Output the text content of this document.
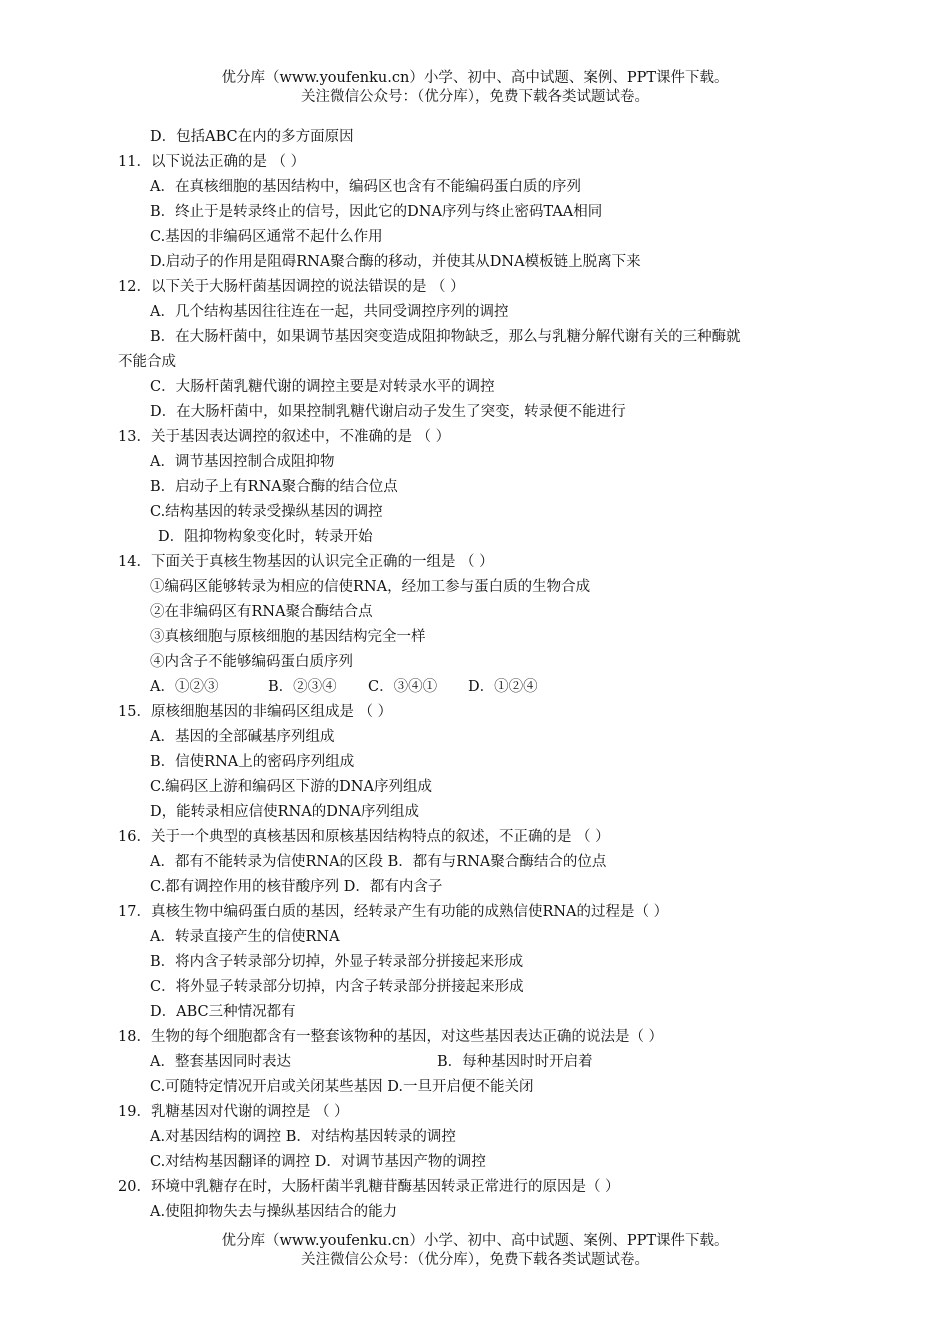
优分库（www.youfenku.cn）小学、初中、高中试题、案例、PPT课件下载。
关注微信公众号：（优分库），免费下载各类试题试卷。
D．包括ABC在内的多方面原因
11．以下说法正确的是 （ ）
A．在真核细胞的基因结构中，编码区也含有不能编码蛋白质的序列
B．终止于是转录终止的信号，因此它的DNA序列与终止密码TAA相同
C.基因的非编码区通常不起什么作用
D.启动子的作用是阻碍RNA聚合酶的移动，并使其从DNA模板链上脱离下来
12．以下关于大肠杆菌基因调控的说法错误的是 （ ）
A．几个结构基因往往连在一起，共同受调控序列的调控
B．在大肠杆菌中，如果调节基因突变造成阻抑物缺乏，那么与乳糖分解代谢有关的三种酶就
不能合成
C．大肠杆菌乳糖代谢的调控主要是对转录水平的调控
D．在大肠杆菌中，如果控制乳糖代谢启动子发生了突变，转录便不能进行
13．关于基因表达调控的叙述中，不准确的是 （ ）
A．调节基因控制合成阻抑物
B．启动子上有RNA聚合酶的结合位点
C.结构基因的转录受操纵基因的调控
D．阻抑物构象变化时，转录开始
14．下面关于真核生物基因的认识完全正确的一组是 （ ）
①编码区能够转录为相应的信使RNA，经加工参与蛋白质的生物合成
②在非编码区有RNA聚合酶结合点
③真核细胞与原核细胞的基因结构完全一样
④内含子不能够编码蛋白质序列
A．①②③	B．②③④ C．③④① D．①②④
15．原核细胞基因的非编码区组成是 （ ）
A．基因的全部碱基序列组成
B．信使RNA上的密码序列组成
C.编码区上游和编码区下游的DNA序列组成
D，能转录相应信使RNA的DNA序列组成
16．关于一个典型的真核基因和原核基因结构特点的叙述，不正确的是 （ ）
A．都有不能转录为信使RNA的区段 B．都有与RNA聚合酶结合的位点
C.都有调控作用的核苷酸序列 D．都有内含子
17．真核生物中编码蛋白质的基因，经转录产生有功能的成熟信使RNA的过程是（ ）
A．转录直接产生的信使RNA
B．将内含子转录部分切掉，外显子转录部分拼接起来形成
C．将外显子转录部分切掉，内含子转录部分拼接起来形成
D．ABC三种情况都有
18．生物的每个细胞都含有一整套该物种的基因，对这些基因表达正确的说法是（ ）
A．整套基因同时表达	B．每种基因时时开启着
C.可随特定情况开启或关闭某些基因 D.一旦开启便不能关闭
19．乳糖基因对代谢的调控是 （ ）
A.对基因结构的调控 B．对结构基因转录的调控
C.对结构基因翻译的调控 D．对调节基因产物的调控
20．环境中乳糖存在时，大肠杆菌半乳糖苷酶基因转录正常进行的原因是（ ）
A.使阻抑物失去与操纵基因结合的能力
优分库（www.youfenku.cn）小学、初中、高中试题、案例、PPT课件下载。
关注微信公众号：（优分库），免费下载各类试题试卷。
